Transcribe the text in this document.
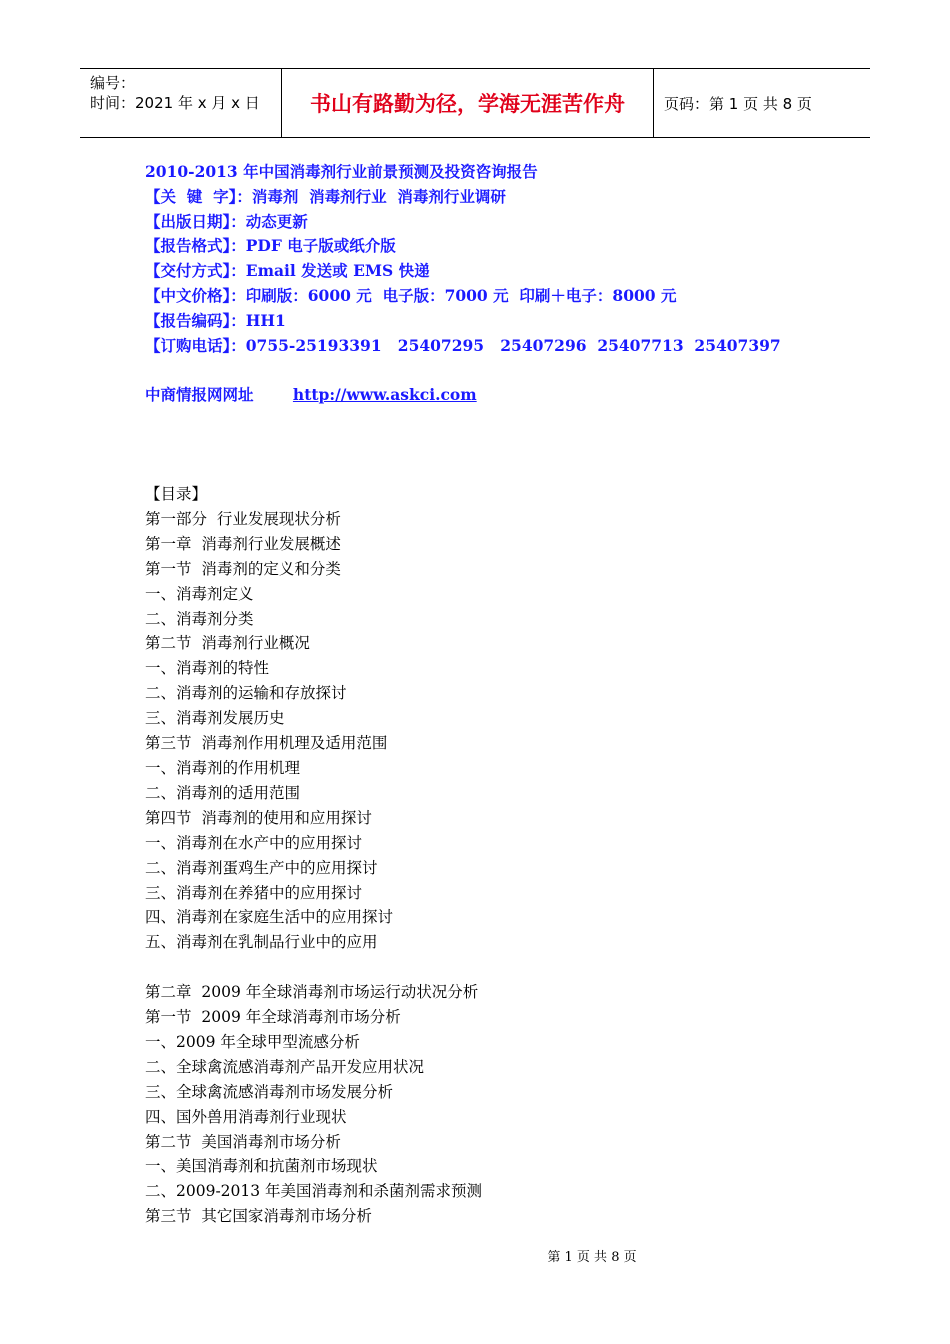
编号：
时间：2021 年 x 月 x 日	书山有路勤为径，学海无涯苦作舟	页码：第 1 页 共 8 页
2010-2013 年中国消毒剂行业前景预测及投资咨询报告
【关  键  字】：消毒剂  消毒剂行业  消毒剂行业调研
【出版日期】：动态更新
【报告格式】：PDF 电子版或纸介版
【交付方式】：Email 发送或 EMS 快递
【中文价格】：印刷版：6000 元  电子版：7000 元  印刷＋电子：8000 元
【报告编码】：HH1
【订购电话】：0755-25193391   25407295   25407296  25407713  25407397
中商情报网网址	http://www.askci.com
【目录】
第一部分  行业发展现状分析
第一章  消毒剂行业发展概述
第一节  消毒剂的定义和分类
一、消毒剂定义
二、消毒剂分类
第二节  消毒剂行业概况
一、消毒剂的特性
二、消毒剂的运输和存放探讨
三、消毒剂发展历史
第三节  消毒剂作用机理及适用范围
一、消毒剂的作用机理
二、消毒剂的适用范围
第四节  消毒剂的使用和应用探讨
一、消毒剂在水产中的应用探讨
二、消毒剂蛋鸡生产中的应用探讨
三、消毒剂在养猪中的应用探讨
四、消毒剂在家庭生活中的应用探讨
五、消毒剂在乳制品行业中的应用
第二章  2009 年全球消毒剂市场运行动状况分析
第一节  2009 年全球消毒剂市场分析
一、2009 年全球甲型流感分析
二、全球禽流感消毒剂产品开发应用状况
三、全球禽流感消毒剂市场发展分析
四、国外兽用消毒剂行业现状
第二节  美国消毒剂市场分析
一、美国消毒剂和抗菌剂市场现状
二、2009-2013 年美国消毒剂和杀菌剂需求预测
第三节  其它国家消毒剂市场分析
第 1 页 共 8 页
